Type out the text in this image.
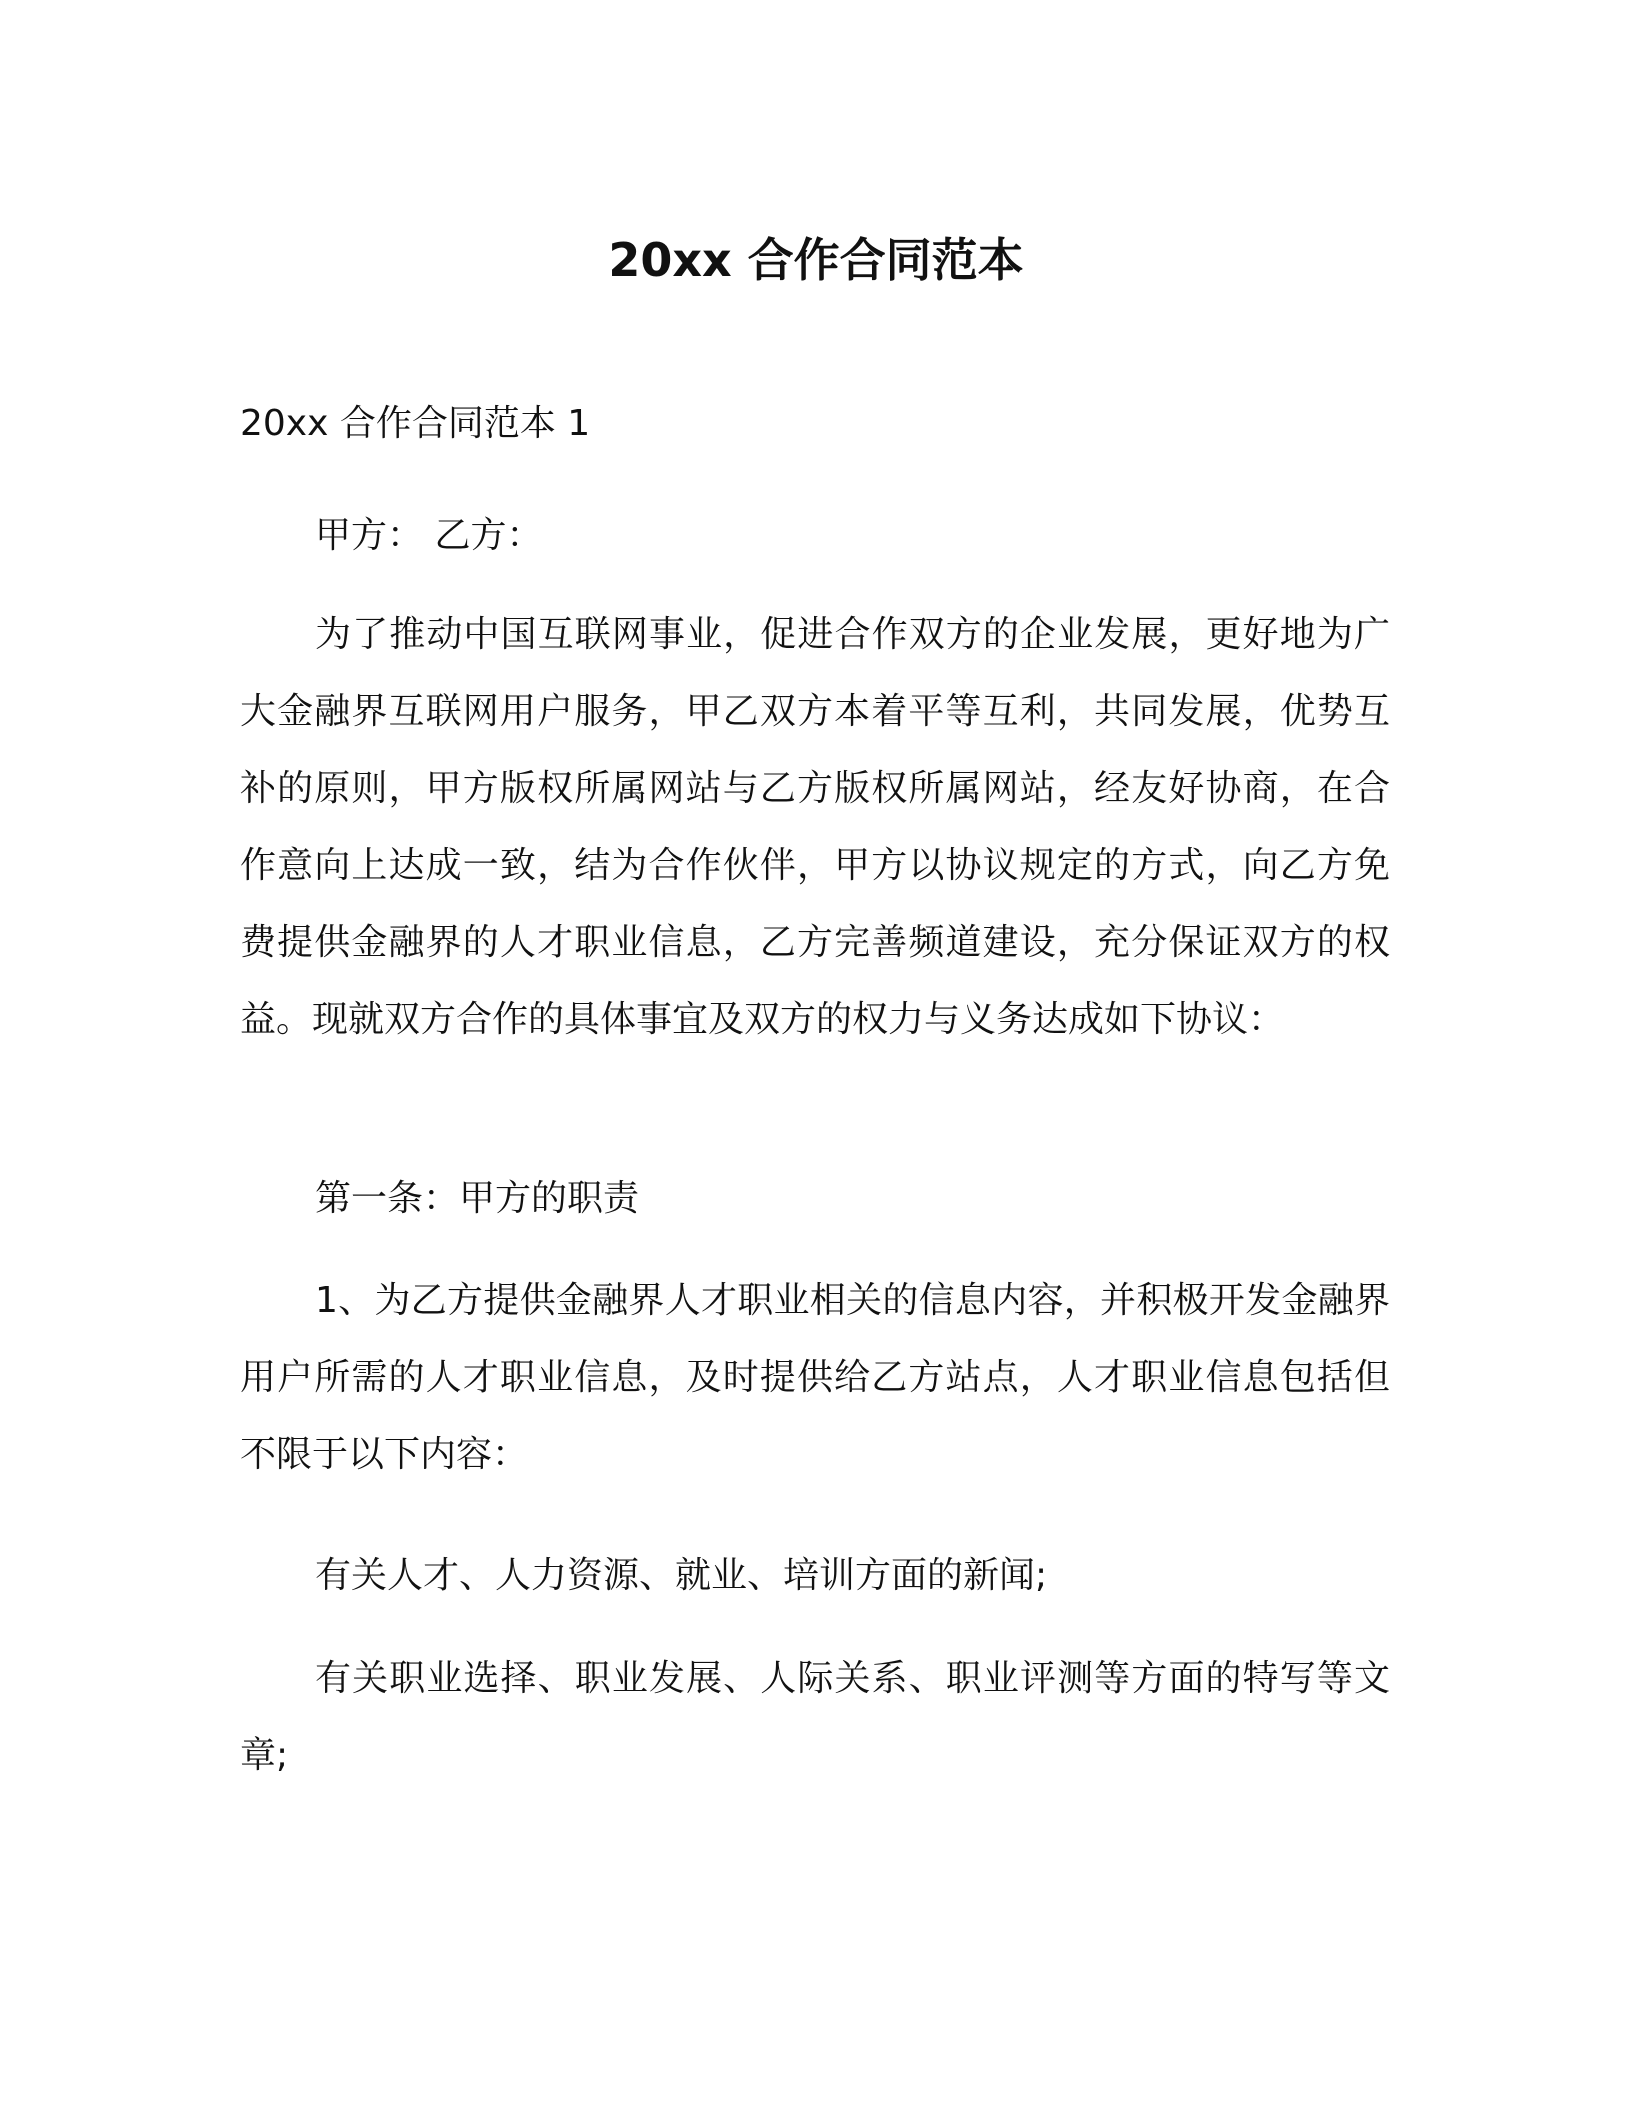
20xx 合作合同范本

20xx 合作合同范本 1

甲方： 乙方：

为了推动中国互联网事业，促进合作双方的企业发展，更好地为广大金融界互联网用户服务，甲乙双方本着平等互利，共同发展，优势互补的原则，甲方版权所属网站与乙方版权所属网站，经友好协商，在合作意向上达成一致，结为合作伙伴，甲方以协议规定的方式，向乙方免费提供金融界的人才职业信息，乙方完善频道建设，充分保证双方的权益。现就双方合作的具体事宜及双方的权力与义务达成如下协议：

第一条：甲方的职责

1、为乙方提供金融界人才职业相关的信息内容，并积极开发金融界用户所需的人才职业信息，及时提供给乙方站点，人才职业信息包括但不限于以下内容：

有关人才、人力资源、就业、培训方面的新闻;

有关职业选择、职业发展、人际关系、职业评测等方面的特写等文章;
